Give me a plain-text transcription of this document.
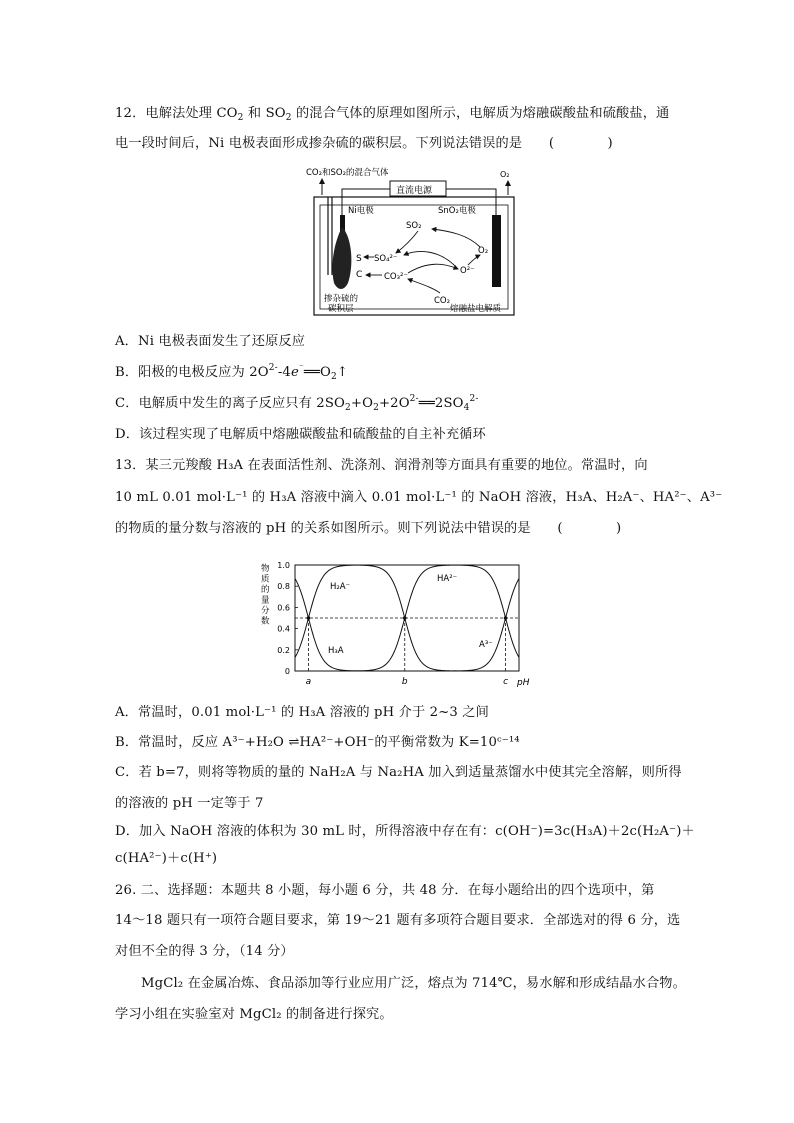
12．电解法处理 $CO_2$ 和 $SO_2$ 的混合气体的原理如图所示，电解质为熔融碳酸盐和硫酸盐，通
电一段时间后，Ni 电极表面形成掺杂硫的碳积层。下列说法错误的是　　(　　　　)
CO₂和SO₂的混合气体	O₂
直流电源
Ni电极	SnO₂电极
SO₂
SO₄²⁻
O₂
O²⁻
S
C	CO₃²⁻
CO₂
掺杂硫的
碳积层	熔融盐电解质
A．Ni 电极表面发生了还原反应
B．阳极的电极反应为 $2O^{2-}-4e^{^-}══O_2↑$
C．电解质中发生的离子反应只有 $2SO_2+O_2+2O^{2-}══2SO_4^{2-}$
D．该过程实现了电解质中熔融碳酸盐和硫酸盐的自主补充循环
13．某三元羧酸 H₃A 在表面活性剂、洗涤剂、润滑剂等方面具有重要的地位。常温时，向
10 mL 0.01 mol·L⁻¹ 的 H₃A 溶液中滴入 0.01 mol·L⁻¹ 的 NaOH 溶液，H₃A、H₂A⁻、HA²⁻、A³⁻
的物质的量分数与溶液的 pH 的关系如图所示。则下列说法中错误的是　　(　　　　)
物
质
的
量
分
数
1.0
0.8
0.6
0.4
0.2
0
a	b	c pH
H₃A
H₂A⁻
HA²⁻
A³⁻
A．常温时，0.01 mol·L⁻¹ 的 H₃A 溶液的 pH 介于 2~3 之间
B．常温时，反应 A³⁻+H₂O ⇌HA²⁻+OH⁻的平衡常数为 K=10ᶜ⁻¹⁴
C．若 b=7，则将等物质的量的 NaH₂A 与 Na₂HA 加入到适量蒸馏水中使其完全溶解，则所得
的溶液的 pH 一定等于 7
D．加入 NaOH 溶液的体积为 30 mL 时，所得溶液中存在有：c(OH⁻)=3c(H₃A)＋2c(H₂A⁻)＋
c(HA²⁻)＋c(H⁺)
26. 二、选择题：本题共 8 小题，每小题 6 分，共 48 分．在每小题给出的四个选项中，第
14～18 题只有一项符合题目要求，第 19～21 题有多项符合题目要求．全部选对的得 6 分，选
对但不全的得 3 分，（14 分）
MgCl₂ 在金属冶炼、食品添加等行业应用广泛，熔点为 714℃，易水解和形成结晶水合物。
学习小组在实验室对 MgCl₂ 的制备进行探究。
